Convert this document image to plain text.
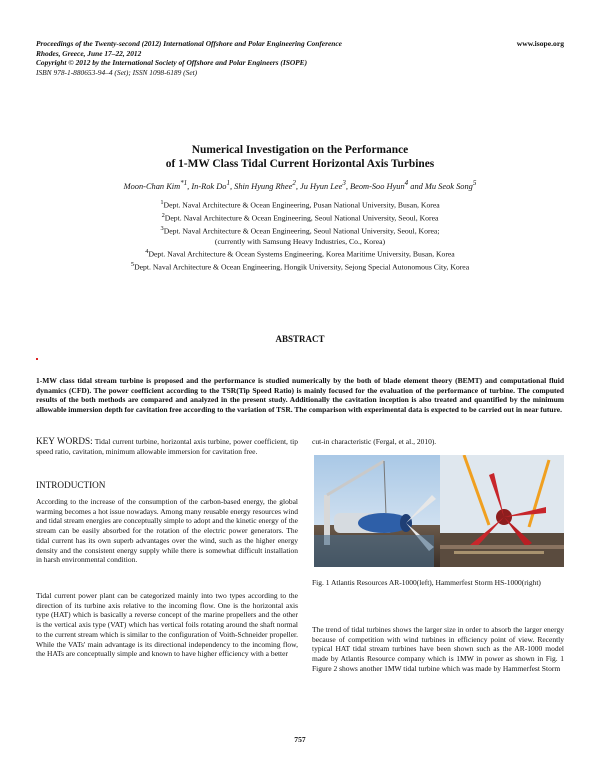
Proceedings of the Twenty-second (2012) International Offshore and Polar Engineering Conference
Rhodes, Greece, June 17–22, 2012
Copyright © 2012 by the International Society of Offshore and Polar Engineers (ISOPE)
ISBN 978-1-880653-94–4 (Set); ISSN 1098-6189 (Set)
www.isope.org
Numerical Investigation on the Performance
of 1-MW Class Tidal Current Horizontal Axis Turbines
Moon-Chan Kim$^{*1}$, In-Rok Do$^1$, Shin Hyung Rhee$^2$, Ju Hyun Lee$^3$, Beom-Soo Hyun$^4$ and Mu Seok Song$^5$
$^1$Dept. Naval Architecture & Ocean Engineering, Pusan National University, Busan, Korea
$^2$Dept. Naval Architecture & Ocean Engineering, Seoul National University, Seoul, Korea
$^3$Dept. Naval Architecture & Ocean Engineering, Seoul National University, Seoul, Korea;
(currently with Samsung Heavy Industries, Co., Korea)
$^4$Dept. Naval Architecture & Ocean Systems Engineering, Korea Maritime University, Busan, Korea
$^5$Dept. Naval Architecture & Ocean Engineering, Hongik University, Sejong Special Autonomous City, Korea
ABSTRACT
1-MW class tidal stream turbine is proposed and the performance is studied numerically by the both of blade element theory (BEMT) and computational fluid dynamics (CFD). The power coefficient according to the TSR(Tip Speed Ratio) is mainly focused for the evaluation of the performance of turbine. The computed results of the both methods are compared and analyzed in the present study. Additionally the cavitation inception is also treated and quantified by the minimum allowable immersion depth for cavitation free according to the variation of TSR. The comparison with experimental data is expected to be carried out in near future.
KEY WORDS: Tidal current turbine, horizontal axis turbine, power coefficient, tip speed ratio, cavitation, minimum allowable immersion for cavitation free.
INTRODUCTION
According to the increase of the consumption of the carbon-based energy, the global warming becomes a hot issue nowadays. Among many reusable energy resources wind and tidal stream energies are conceptually simple to adopt and the kinetic energy of the stream can be easily absorbed for the rotation of the electric power generators. The tidal current has its own superb advantages over the wind, such as the higher energy density and the consistent energy supply while there is somewhat difficult installation in harsh environmental condition.
Tidal current power plant can be categorized mainly into two types according to the direction of its turbine axis relative to the incoming flow. One is the horizontal axis type (HAT) which is basically a reverse concept of the marine propellers and the other is the vertical axis type (VAT) which has vertical foils rotating around the shaft normal to the current stream which is similar to the configuration of Voith-Schneider propeller. While the VATs' main advantage is its directional independency to the incoming flow, the HATs are conceptually simple and known to have higher efficiency with a better
cut-in characteristic (Fergal, et al., 2010).
Fig. 1 Atlantis Resources AR-1000(left), Hammerfest Storm HS-1000(right)
The trend of tidal turbines shows the larger size in order to absorb the larger energy because of competition with wind turbines in efficiency point of view. Recently typical HAT tidal stream turbines have been shown such as the AR-1000 model made by Atlantis Resource company which is 1MW in power as shown in Fig. 1 Figure 2 shows another 1MW tidal turbine which was made by Hammerfest Storm
757
